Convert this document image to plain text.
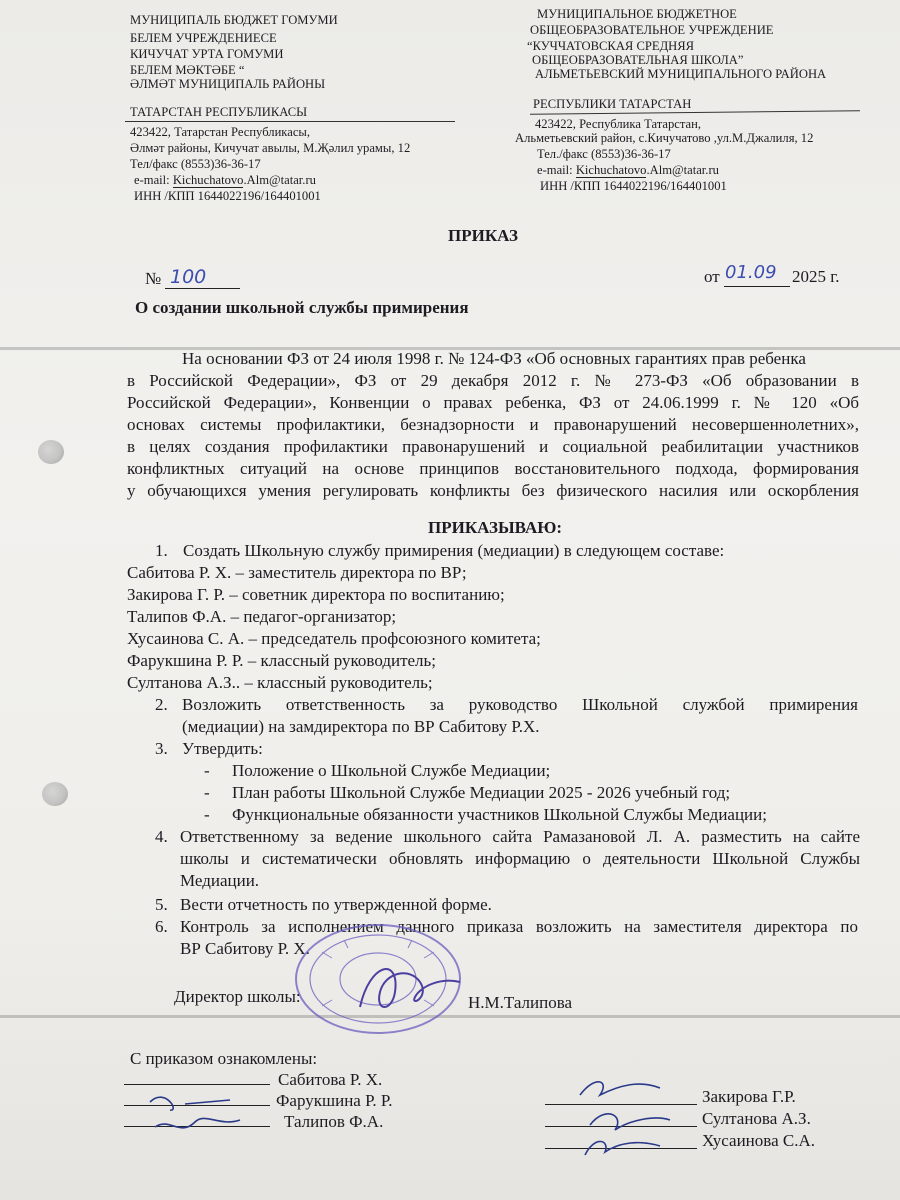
МУНИЦИПАЛЬ БЮДЖЕТ ГОМУМИ
БЕЛЕМ УЧРЕЖДЕНИЕСЕ
КИЧУЧАТ УРТА ГОМУМИ
БЕЛЕМ МӘКТӘБЕ “
ӘЛМӘТ МУНИЦИПАЛЬ РАЙОНЫ
ТАТАРСТАН РЕСПУБЛИКАСЫ
423422, Татарстан Республикасы,
Әлмәт районы, Кичучат авылы, М.Җәлил урамы, 12
Тел/факс (8553)36-36-17
e-mail: Kichuchatovo.Alm@tatar.ru
ИНН /КПП 1644022196/164401001
МУНИЦИПАЛЬНОЕ БЮДЖЕТНОЕ
ОБЩЕОБРАЗОВАТЕЛЬНОЕ УЧРЕЖДЕНИЕ
“КУЧЧАТОВСКАЯ СРЕДНЯЯ
ОБЩЕОБРАЗОВАТЕЛЬНАЯ ШКОЛА”
АЛЬМЕТЬЕВСКИЙ МУНИЦИПАЛЬНОГО РАЙОНА
РЕСПУБЛИКИ ТАТАРСТАН
423422, Республика Татарстан,
Альметьевский район, с.Кичучатово ,ул.М.Джалиля, 12
Тел./факс (8553)36-36-17
e-mail: Kichuchatovo.Alm@tatar.ru
ИНН /КПП 1644022196/164401001
ПРИКАЗ
№ 100	от 01.09 2025 г.
О создании школьной службы примирения
На основании ФЗ от 24 июля 1998 г. № 124-ФЗ «Об основных гарантиях прав ребенка
в Российской Федерации», ФЗ от 29 декабря 2012 г. № 273-ФЗ «Об образовании в
Российской Федерации», Конвенции о правах ребенка, ФЗ от 24.06.1999 г. № 120 «Об
основах системы профилактики, безнадзорности и правонарушений несовершеннолетних»,
в целях создания профилактики правонарушений и социальной реабилитации участников
конфликтных ситуаций на основе принципов восстановительного подхода, формирования
у обучающихся умения регулировать конфликты без физического насилия или оскорбления
ПРИКАЗЫВАЮ:
1. Создать Школьную службу примирения (медиации) в следующем составе:
Сабитова Р. Х. – заместитель директора по ВР;
Закирова Г. Р. – советник директора по воспитанию;
Талипов Ф.А. – педагог-организатор;
Хусаинова С. А. – председатель профсоюзного комитета;
Фарукшина Р. Р. – классный руководитель;
Султанова А.З.. – классный руководитель;
2. Возложить ответственность за руководство Школьной службой примирения
(медиации) на замдиректора по ВР Сабитову Р.Х.
3. Утвердить:
- Положение о Школьной Службе Медиации;
- План работы Школьной Службе Медиации 2025 - 2026 учебный год;
- Функциональные обязанности участников Школьной Службы Медиации;
4. Ответственному за ведение школьного сайта Рамазановой Л. А. разместить на сайте
школы и систематически обновлять информацию о деятельности Школьной Службы
Медиации.
5. Вести отчетность по утвержденной форме.
6. Контроль за исполнением данного приказа возложить на заместителя директора по
ВР Сабитову Р. Х.
Директор школы:	Н.М.Талипова
С приказом ознакомлены:
Сабитова Р. Х.
Фарукшина Р. Р.
Талипов Ф.А.
Закирова Г.Р.
Султанова А.З.
Хусаинова С.А.
